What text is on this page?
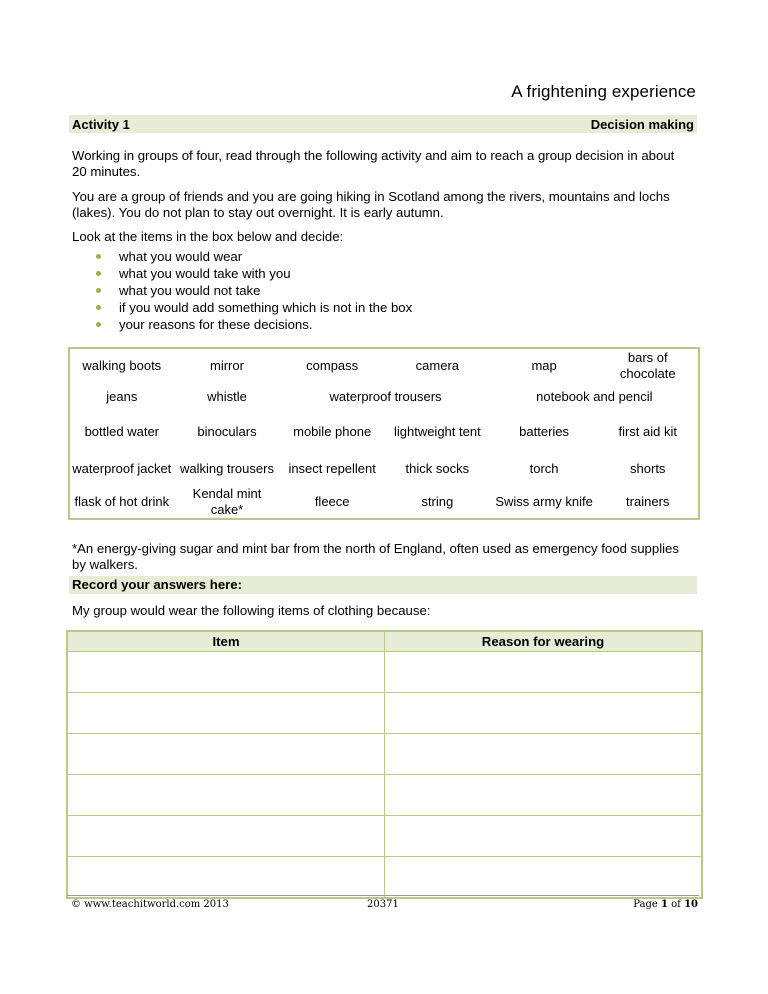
A frightening experience
Activity 1	Decision making
Working in groups of four, read through the following activity and aim to reach a group decision in about 20 minutes.
You are a group of friends and you are going hiking in Scotland among the rivers, mountains and lochs (lakes). You do not plan to stay out overnight. It is early autumn.
Look at the items in the box below and decide:
what you would wear
what you would take with you
what you would not take
if you would add something which is not in the box
your reasons for these decisions.
walking boots	mirror	compass	camera	map	bars of chocolate
jeans	whistle	waterproof trousers		notebook and pencil	
bottled water	binoculars	mobile phone	lightweight tent	batteries	first aid kit
waterproof jacket	walking trousers	insect repellent	thick socks	torch	shorts
flask of hot drink	Kendal mint cake*	fleece	string	Swiss army knife	trainers
*An energy-giving sugar and mint bar from the north of England, often used as emergency food supplies by walkers.
Record your answers here:
My group would wear the following items of clothing because:
Item	Reason for wearing

© www.teachitworld.com 2013	20371	Page 1 of 10
